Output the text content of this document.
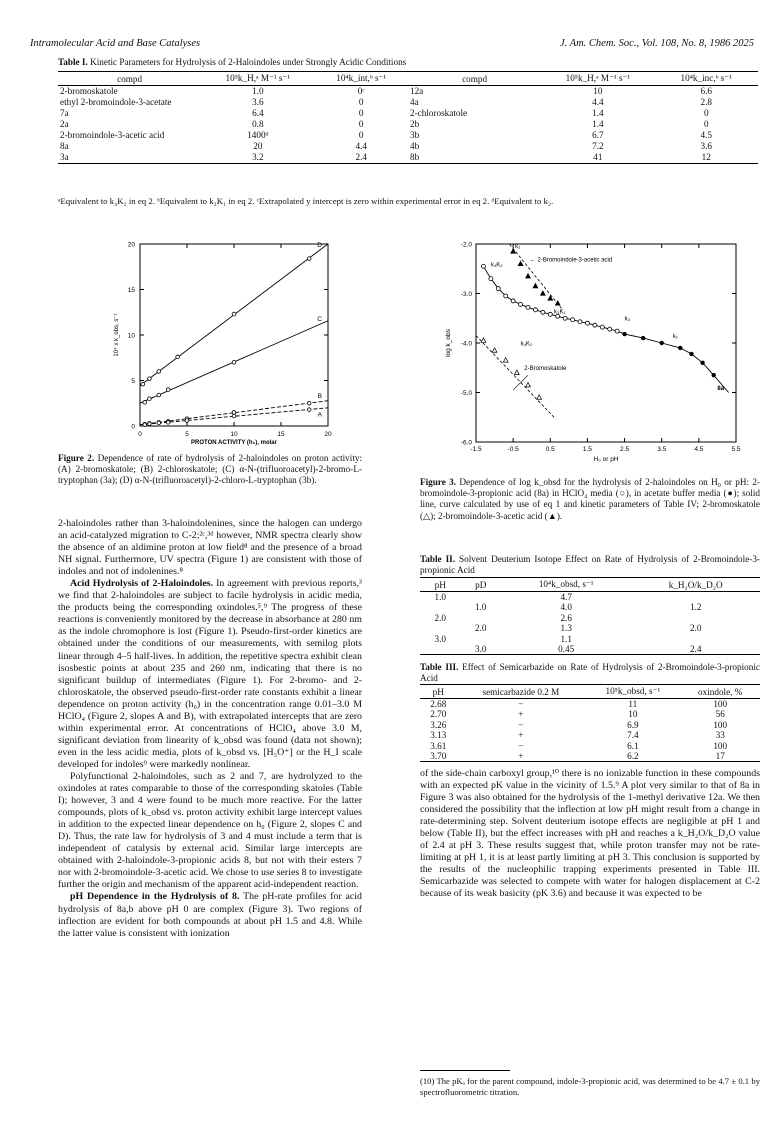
Intramolecular Acid and Base Catalyses	J. Am. Chem. Soc., Vol. 108, No. 8, 1986 2025
Table I. Kinetic Parameters for Hydrolysis of 2-Haloindoles under Strongly Acidic Conditions
compd	10⁵k_H,ᵃ M⁻¹ s⁻¹	10⁴k_int,ᵇ s⁻¹	compd	10⁵k_H,ᵃ M⁻¹ s⁻¹	10⁴k_inc,ᵇ s⁻¹
2-bromoskatole	1.0	0ᶜ	12a	10	6.6
ethyl 2-bromoindole-3-acetate	3.6	0	4a	4.4	2.8
7a	6.4	0	2-chloroskatole	1.4	0
2a	0.8	0	2b	1.4	0
2-bromoindole-3-acetic acid	1400ᵈ	0	3b	6.7	4.5
8a	20	4.4	4b	7.2	3.6
3a	3.2	2.4	8b	41	12
ᵃEquivalent to k₄K₂ in eq 2. ᵇEquivalent to k₃K₁ in eq 2. ᶜExtrapolated y intercept is zero within experimental error in eq 2. ᵈEquivalent to k₂.
0	5	10	15	20
0
5
10
15
20
PROTON ACTIVITY (h₀), molar
10⁴ x k_obs, s⁻¹
D
C
B
A
Figure 2. Dependence of rate of hydrolysis of 2-haloindoles on proton activity: (A) 2-bromoskatole; (B) 2-chloroskatole; (C) α-N-(trifluoroacetyl)-2-bromo-L-tryptophan (3a); (D) α-N-(trifluoroacetyl)-2-chloro-L-tryptophan (3b).
-1.5	-0.5	0.5	1.5	2.5	3.5	4.5	5.5
-2.0
-3.0
-4.0
-5.0
-6.0
H₀ or pH
log k_obs
k₄K₂
k₂
← 2-Bromoindole-3-acetic acid
k₃K₁
k₃
k₁
k₄K₂
2-Bromoskatole
8a
Figure 3. Dependence of log k_obsd for the hydrolysis of 2-haloindoles on H₀ or pH: 2-bromoindole-3-propionic acid (8a) in HClO₄ media (○), in acetate buffer media (●); solid line, curve calculated by use of eq 1 and kinetic parameters of Table IV; 2-bromoskatole (△); 2-bromoindole-3-acetic acid (▲).

2-haloindoles rather than 3-haloindolenines, since the halogen can undergo an acid-catalyzed migration to C-2;²ᶜ,³ᵈ however, NMR spectra clearly show the absence of an aldimine proton at low field⁸ and the presence of a broad NH signal. Furthermore, UV spectra (Figure 1) are consistent with those of indoles and not of indolenines.⁸

Acid Hydrolysis of 2-Haloindoles. In agreement with previous reports,³ we find that 2-haloindoles are subject to facile hydrolysis in acidic media, the products being the corresponding oxindoles.⁵,⁹ The progress of these reactions is conveniently monitored by the decrease in absorbance at 280 nm as the indole chromophore is lost (Figure 1). Pseudo-first-order kinetics are obtained under the conditions of our measurements, with semilog plots linear through 4–5 half-lives. In addition, the repetitive spectra exhibit clean isosbestic points at about 235 and 260 nm, indicating that there is no significant buildup of intermediates (Figure 1). For 2-bromo- and 2-chloroskatole, the observed pseudo-first-order rate constants exhibit a linear dependence on proton activity (h₀) in the concentration range 0.01–3.0 M HClO₄ (Figure 2, slopes A and B), with extrapolated intercepts that are zero within experimental error. At concentrations of HClO₄ above 3.0 M, significant deviation from linearity of k_obsd was found (data not shown); even in the less acidic media, plots of k_obsd vs. [H₃O⁺] or the H_I scale developed for indoles⁹ were markedly nonlinear.

Polyfunctional 2-haloindoles, such as 2 and 7, are hydrolyzed to the oxindoles at rates comparable to those of the corresponding skatoles (Table I); however, 3 and 4 were found to be much more reactive. For the latter compounds, plots of k_obsd vs. proton activity exhibit large intercept values in addition to the expected linear dependence on h₀ (Figure 2, slopes C and D). Thus, the rate law for hydrolysis of 3 and 4 must include a term that is independent of catalysis by external acid. Similar large intercepts are obtained with 2-haloindole-3-propionic acids 8, but not with their esters 7 nor with 2-bromoindole-3-acetic acid. We chose to use series 8 to investigate further the origin and mechanism of the apparent acid-independent reaction.

pH Dependence in the Hydrolysis of 8. The pH-rate profiles for acid hydrolysis of 8a,b above pH 0 are complex (Figure 3). Two regions of inflection are evident for both compounds at about pH 1.5 and 4.8. While the latter value is consistent with ionization

Table II. Solvent Deuterium Isotope Effect on Rate of Hydrolysis of 2-Bromoindole-3-propionic Acid
pH	pD	10⁴k_obsd, s⁻¹	k_H₂O/k_D₂O
1.0		4.7	
	1.0	4.0	1.2
2.0		2.6	
	2.0	1.3	2.0
3.0		1.1	
	3.0	0.45	2.4
Table III. Effect of Semicarbazide on Rate of Hydrolysis of 2-Bromoindole-3-propionic Acid
pH	semicarbazide 0.2 M	10⁵k_obsd, s⁻¹	oxindole, %
2.68	−	11	100
2.70	+	10	56
3.26	−	6.9	100
3.13	+	7.4	33
3.61	−	6.1	100
3.70	+	6.2	17

of the side-chain carboxyl group,¹⁰ there is no ionizable function in these compounds with an expected pK value in the vicinity of 1.5.⁹ A plot very similar to that of 8a in Figure 3 was also obtained for the hydrolysis of the 1-methyl derivative 12a. We then considered the possibility that the inflection at low pH might result from a change in rate-determining step. Solvent deuterium isotope effects are negligible at pH 1 and below (Table II), but the effect increases with pH and reaches a k_H₂O/k_D₂O value of 2.4 at pH 3. These results suggest that, while proton transfer may not be rate-limiting at pH 1, it is at least partly limiting at pH 3. This conclusion is supported by the results of the nucleophilic trapping experiments presented in Table III. Semicarbazide was selected to compete with water for halogen displacement at C-2 because of its weak basicity (pK 3.6) and because it was expected to be

(10) The pKₐ for the parent compound, indole-3-propionic acid, was determined to be 4.7 ± 0.1 by spectrofluorometric titration.
